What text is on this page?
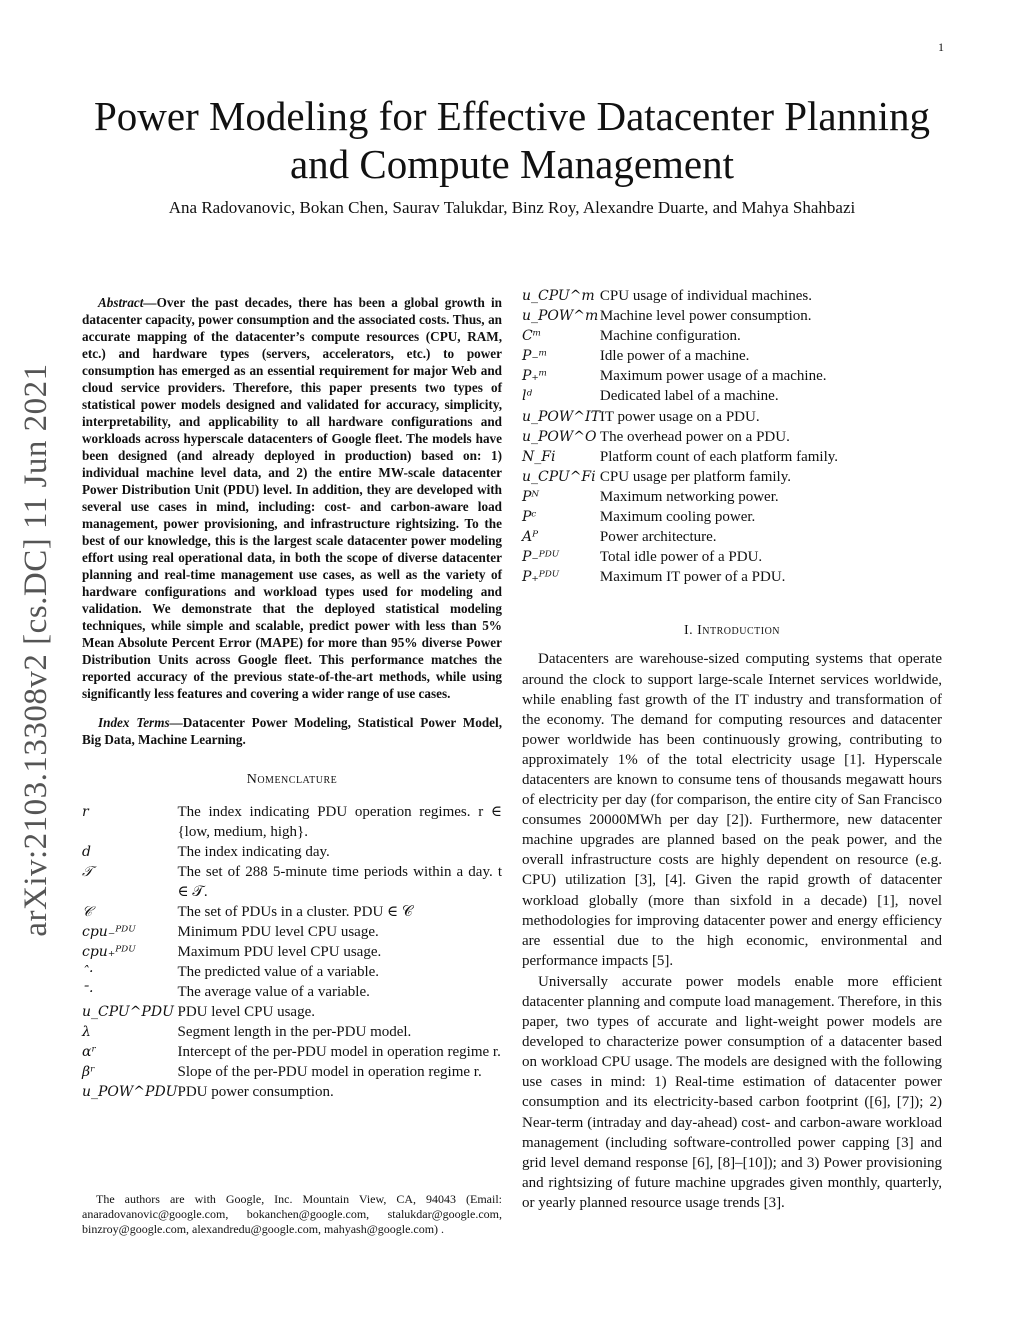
1
arXiv:2103.13308v2 [cs.DC] 11 Jun 2021
Power Modeling for Effective Datacenter Planning and Compute Management
Ana Radovanovic, Bokan Chen, Saurav Talukdar, Binz Roy, Alexandre Duarte, and Mahya Shahbazi

Abstract—Over the past decades, there has been a global growth in datacenter capacity, power consumption and the associated costs. Thus, an accurate mapping of the datacenter’s compute resources (CPU, RAM, etc.) and hardware types (servers, accelerators, etc.) to power consumption has emerged as an essential requirement for major Web and cloud service providers. Therefore, this paper presents two types of statistical power models designed and validated for accuracy, simplicity, interpretability, and applicability to all hardware configurations and workloads across hyperscale datacenters of Google fleet. The models have been designed (and already deployed in production) based on: 1) individual machine level data, and 2) the entire MW-scale datacenter Power Distribution Unit (PDU) level. In addition, they are developed with several use cases in mind, including: cost- and carbon-aware load management, power provisioning, and infrastructure rightsizing. To the best of our knowledge, this is the largest scale datacenter power modeling effort using real operational data, in both the scope of diverse datacenter planning and real-time management use cases, as well as the variety of hardware configurations and workload types used for modeling and validation. We demonstrate that the deployed statistical modeling techniques, while simple and scalable, predict power with less than 5% Mean Absolute Percent Error (MAPE) for more than 95% diverse Power Distribution Units across Google fleet. This performance matches the reported accuracy of the previous state-of-the-art methods, while using significantly less features and covering a wider range of use cases.

Index Terms—Datacenter Power Modeling, Statistical Power Model, Big Data, Machine Learning.

Nomenclature
r	The index indicating PDU operation regimes. r ∈ {low, medium, high}.
d	The index indicating day.
𝒯	The set of 288 5-minute time periods within a day. t ∈ 𝒯.
𝒞	The set of PDUs in a cluster. PDU ∈ 𝒞
cpu₋ᴾᴰᵁ	Minimum PDU level CPU usage.
cpu₊ᴾᴰᵁ	Maximum PDU level CPU usage.
ˆ·	The predicted value of a variable.
¯·	The average value of a variable.
u_CPU^PDU	PDU level CPU usage.
λ	Segment length in the per-PDU model.
αʳ	Intercept of the per-PDU model in operation regime r.
βʳ	Slope of the per-PDU model in operation regime r.
u_POW^PDU	PDU power consumption.
u_CPU^m	CPU usage of individual machines.
u_POW^m	Machine level power consumption.
Cᵐ	Machine configuration.
P₋ᵐ	Idle power of a machine.
P₊ᵐ	Maximum power usage of a machine.
lᵈ	Dedicated label of a machine.
u_POW^IT	IT power usage on a PDU.
u_POW^O	The overhead power on a PDU.
N_Fi	Platform count of each platform family.
u_CPU^Fi	CPU usage per platform family.
Pᴺ	Maximum networking power.
Pᶜ	Maximum cooling power.
Aᴾ	Power architecture.
P₋ᴾᴰᵁ	Total idle power of a PDU.
P₊ᴾᴰᵁ	Maximum IT power of a PDU.
I. Introduction

Datacenters are warehouse-sized computing systems that operate around the clock to support large-scale Internet services worldwide, while enabling fast growth of the IT industry and transformation of the economy. The demand for computing resources and datacenter power worldwide has been continuously growing, contributing to approximately 1% of the total electricity usage [1]. Hyperscale datacenters are known to consume tens of thousands megawatt hours of electricity per day (for comparison, the entire city of San Francisco consumes 20000MWh per day [2]). Furthermore, new datacenter machine upgrades are planned based on the peak power, and the overall infrastructure costs are highly dependent on resource (e.g. CPU) utilization [3], [4]. Given the rapid growth of datacenter workload globally (more than sixfold in a decade) [1], novel methodologies for improving datacenter power and energy efficiency are essential due to the high economic, environmental and performance impacts [5].

Universally accurate power models enable more efficient datacenter planning and compute load management. Therefore, in this paper, two types of accurate and light-weight power models are developed to characterize power consumption of a datacenter based on workload CPU usage. The models are designed with the following use cases in mind: 1) Real-time estimation of datacenter power consumption and its electricity-based carbon footprint ([6], [7]); 2) Near-term (intraday and day-ahead) cost- and carbon-aware workload management (including software-controlled power capping [3] and grid level demand response [6], [8]–[10]); and 3) Power provisioning and rightsizing of future machine upgrades given monthly, quarterly, or yearly planned resource usage trends [3].

The authors are with Google, Inc. Mountain View, CA, 94043 (Email: anaradovanovic@google.com, bokanchen@google.com, stalukdar@google.com, binzroy@google.com, alexandredu@google.com, mahyash@google.com) .
